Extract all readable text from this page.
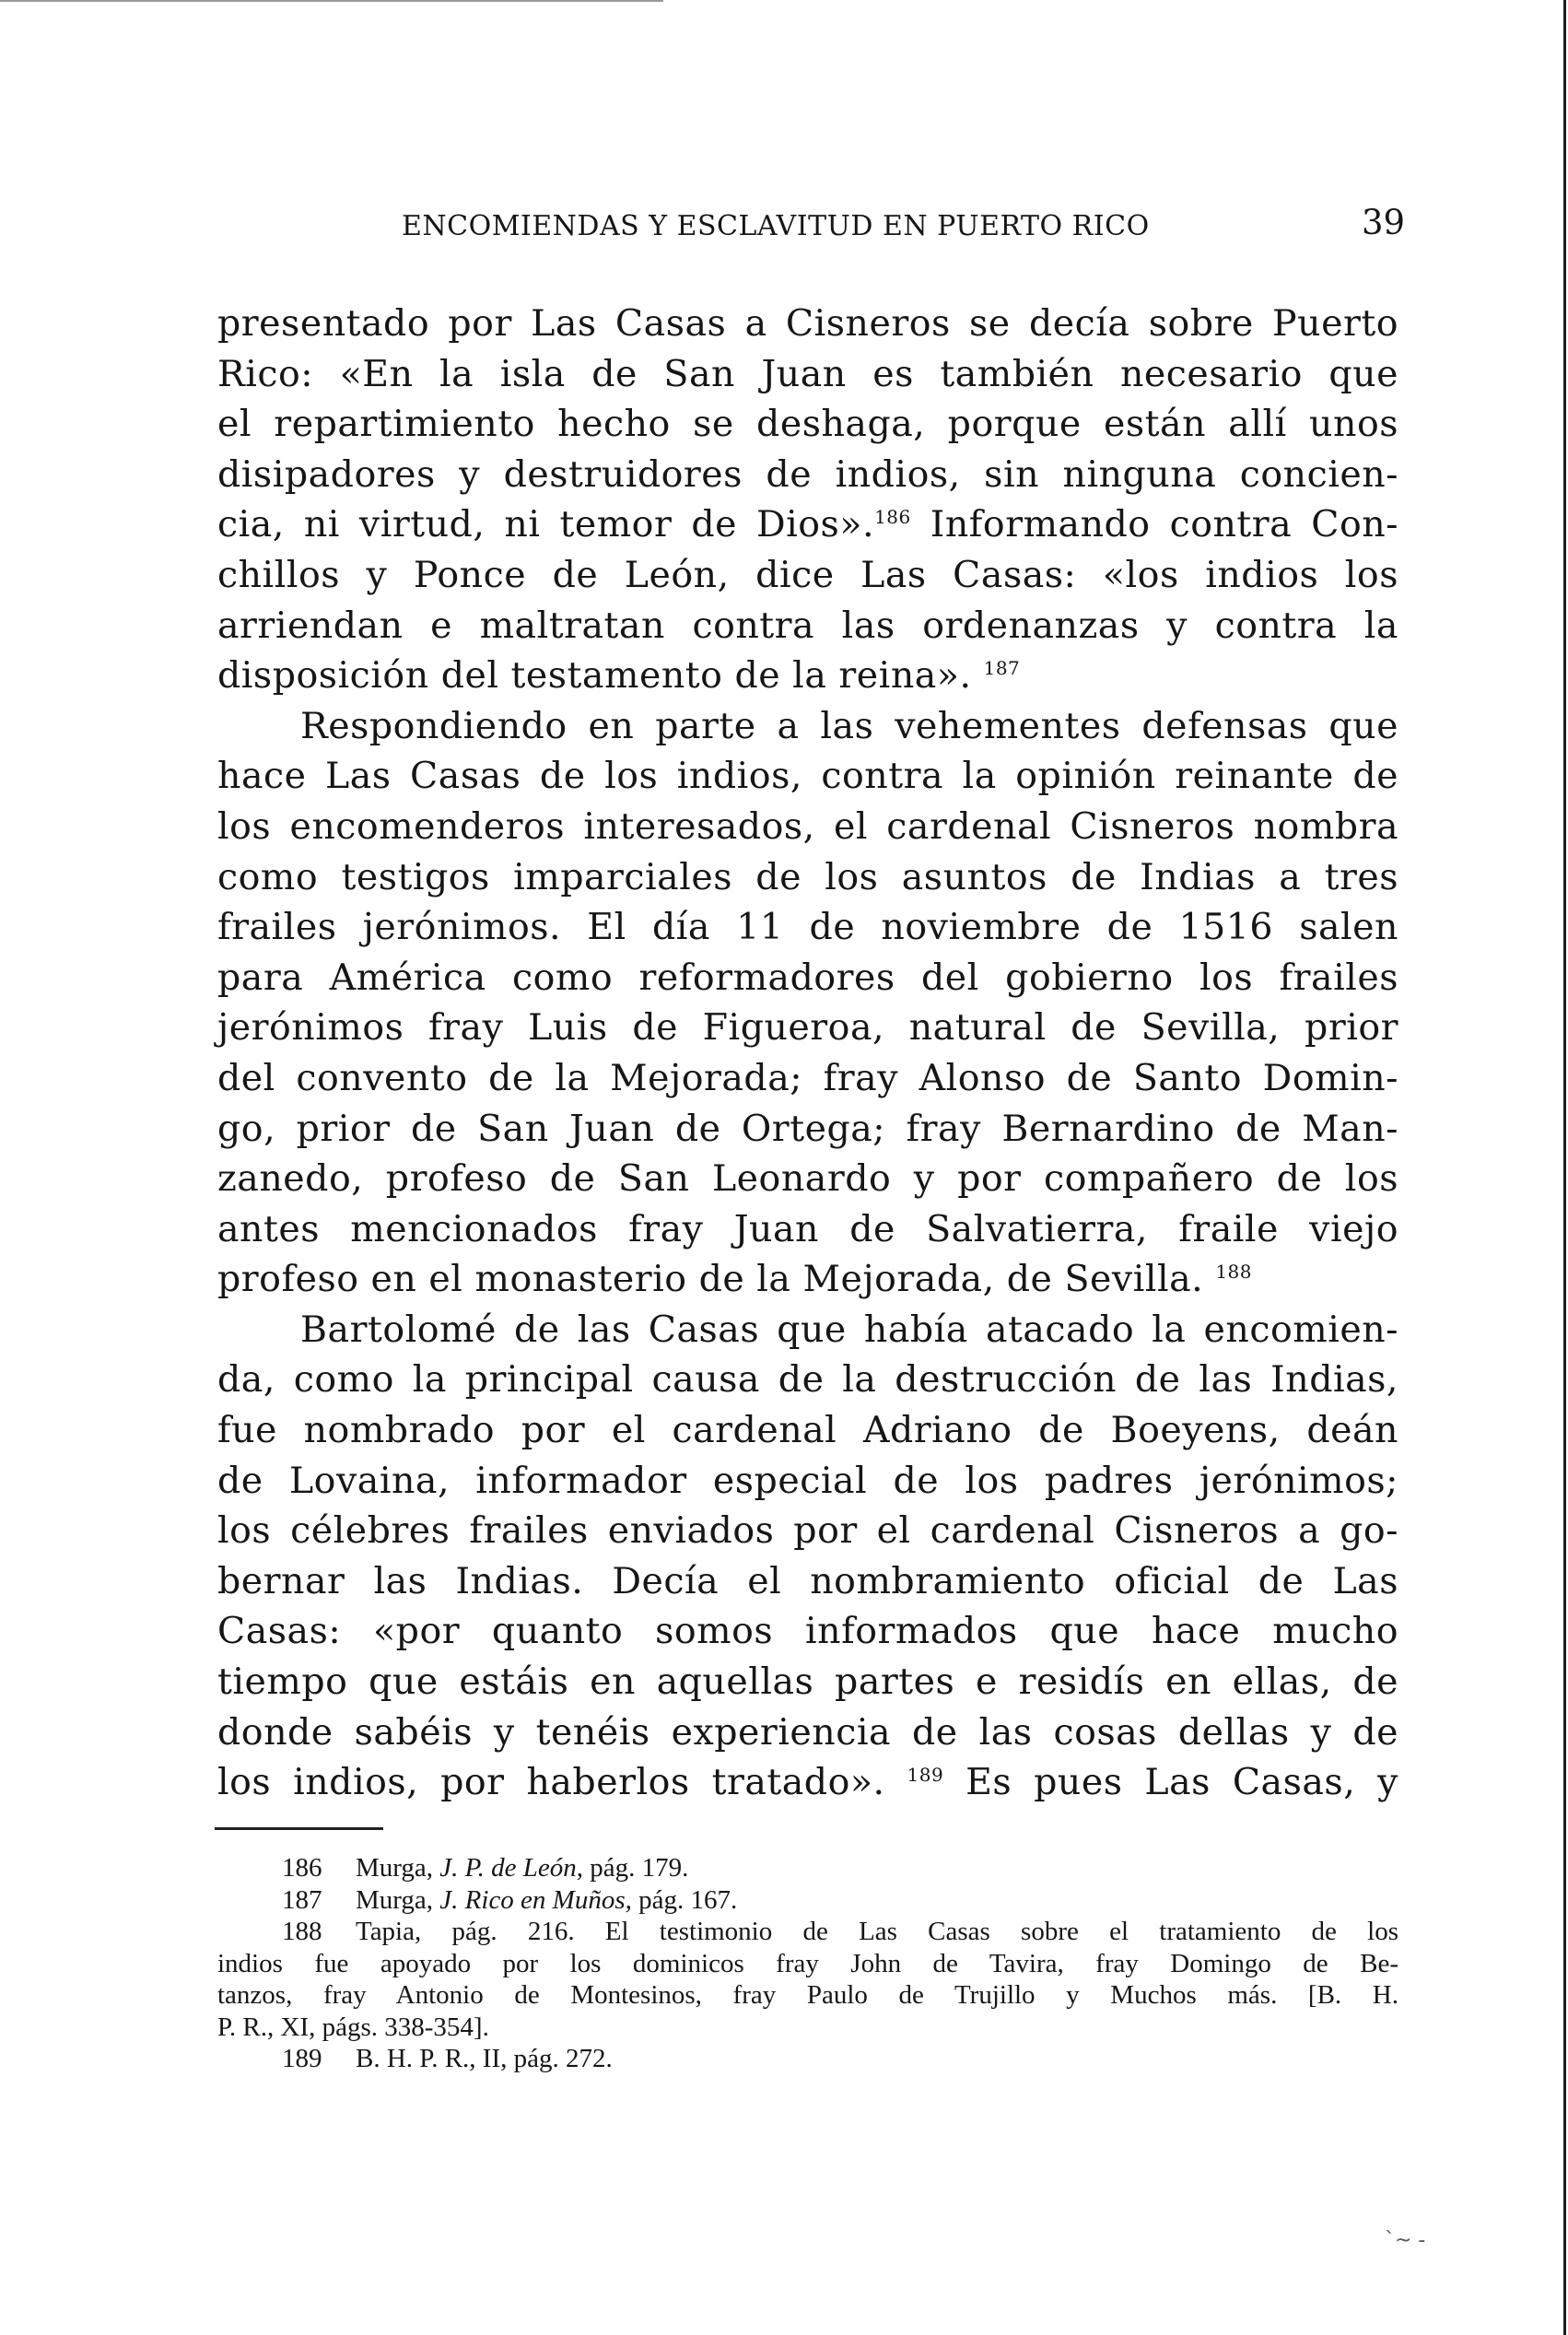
ENCOMIENDAS Y ESCLAVITUD EN PUERTO RICO	39
presentado por Las Casas a Cisneros se decía sobre Puerto
Rico: «En la isla de San Juan es también necesario que
el repartimiento hecho se deshaga, porque están allí unos
disipadores y destruidores de indios, sin ninguna concien-
cia, ni virtud, ni temor de Dios».$^{186}$ Informando contra Con-
chillos y Ponce de León, dice Las Casas: «los indios los
arriendan e maltratan contra las ordenanzas y contra la
disposición del testamento de la reina». $^{187}$
Respondiendo en parte a las vehementes defensas que
hace Las Casas de los indios, contra la opinión reinante de
los encomenderos interesados, el cardenal Cisneros nombra
como testigos imparciales de los asuntos de Indias a tres
frailes jerónimos. El día 11 de noviembre de 1516 salen
para América como reformadores del gobierno los frailes
jerónimos fray Luis de Figueroa, natural de Sevilla, prior
del convento de la Mejorada; fray Alonso de Santo Domin-
go, prior de San Juan de Ortega; fray Bernardino de Man-
zanedo, profeso de San Leonardo y por compañero de los
antes mencionados fray Juan de Salvatierra, fraile viejo
profeso en el monasterio de la Mejorada, de Sevilla. $^{188}$
Bartolomé de las Casas que había atacado la encomien-
da, como la principal causa de la destrucción de las Indias,
fue nombrado por el cardenal Adriano de Boeyens, deán
de Lovaina, informador especial de los padres jerónimos;
los célebres frailes enviados por el cardenal Cisneros a go-
bernar las Indias. Decía el nombramiento oficial de Las
Casas: «por quanto somos informados que hace mucho
tiempo que estáis en aquellas partes e residís en ellas, de
donde sabéis y tenéis experiencia de las cosas dellas y de
los indios, por haberlos tratado». $^{189}$ Es pues Las Casas, y
186 Murga, J. P. de León, pág. 179.
187 Murga, J. Rico en Muños, pág. 167.
188 Tapia, pág. 216. El testimonio de Las Casas sobre el tratamiento de los
indios fue apoyado por los dominicos fray John de Tavira, fray Domingo de Be-
tanzos, fray Antonio de Montesinos, fray Paulo de Trujillo y Muchos más. [B. H.
P. R., XI, págs. 338-354].
189 B. H. P. R., II, pág. 272.
`~ -
